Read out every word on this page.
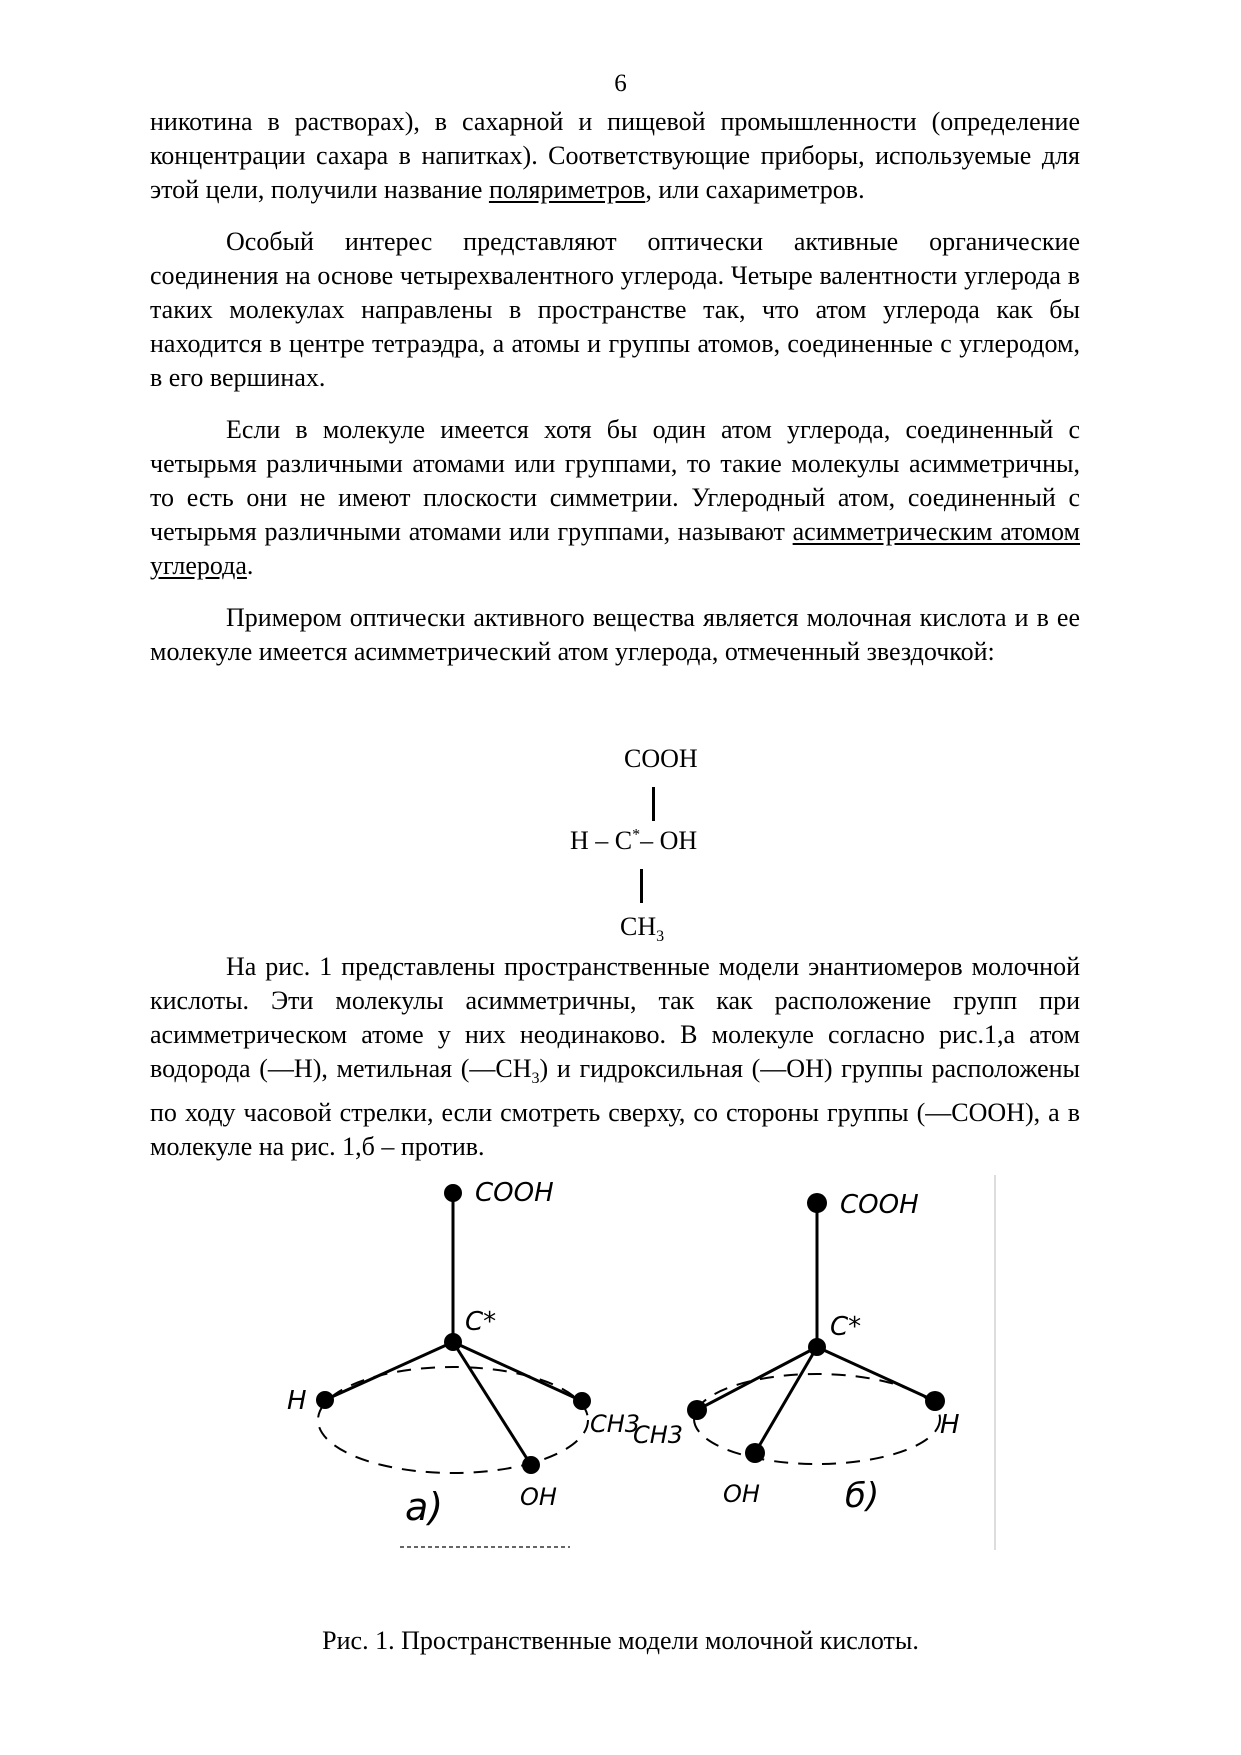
6

никотина в растворах), в сахарной и пищевой промышленности (определение концентрации сахара в напитках). Соответствующие приборы, используемые для этой цели, получили название поляриметров, или сахариметров.

Особый интерес представляют оптически активные органические соединения на основе четырехвалентного углерода. Четыре валентности углерода в таких молекулах направлены в пространстве так, что атом углерода как бы находится в центре тетраэдра, а атомы и группы атомов, соединенные с углеродом, в его вершинах.

Если в молекуле имеется хотя бы один атом углерода, соединенный с четырьмя различными атомами или группами, то такие молекулы асимметричны, то есть они не имеют плоскости симметрии. Углеродный атом, соединенный с четырьмя различными атомами или группами, называют асимметрическим атомом углерода.

Примером оптически активного вещества является молочная кислота и в ее молекуле имеется асимметрический атом углерода, отмеченный звездочкой:

COOH
H – C*– OH
$CH_3$

На рис. 1 представлены пространственные модели энантиомеров молочной кислоты. Эти молекулы асимметричны, так как расположение групп при асимметрическом атоме у них неодинаково. В молекуле согласно рис.1,а атом водорода (—H), метильная $(—CH_3)$ и гидроксильная (—OH) группы расположены по ходу часовой стрелки, если смотреть сверху, со стороны группы (—COOH), а в молекуле на рис. 1,б – против.

COOH
C*
H
CH3
OH
а)
COOH
C*
CH3	H
OH	б)
Рис. 1. Пространственные модели молочной кислоты.
